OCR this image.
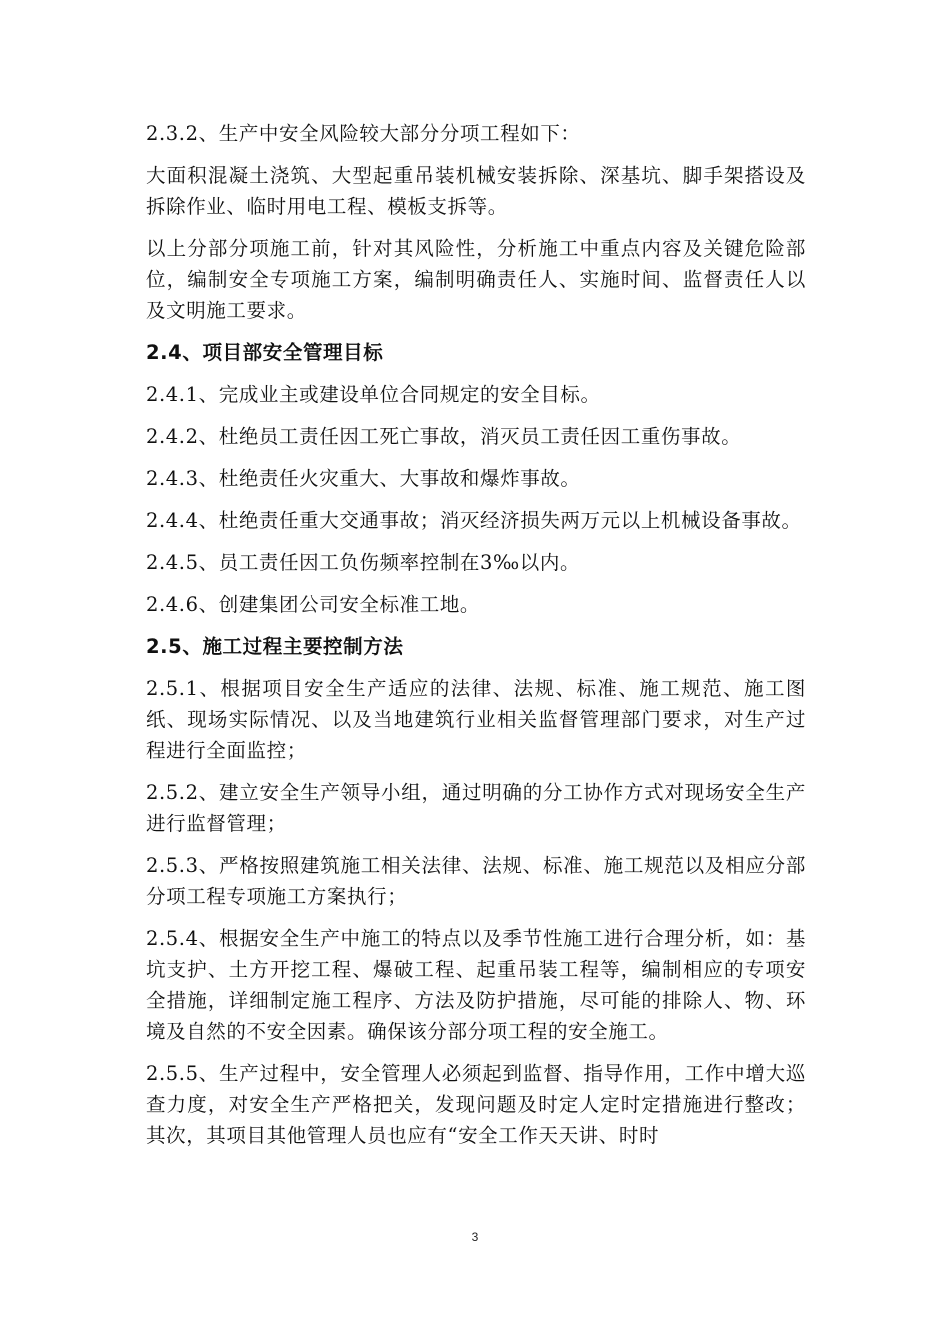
2.3.2、生产中安全风险较大部分分项工程如下：

大面积混凝土浇筑、大型起重吊装机械安装拆除、深基坑、脚手架搭设及拆除作业、临时用电工程、模板支拆等。

以上分部分项施工前，针对其风险性，分析施工中重点内容及关键危险部位，编制安全专项施工方案，编制明确责任人、实施时间、监督责任人以及文明施工要求。

2.4、项目部安全管理目标

2.4.1、完成业主或建设单位合同规定的安全目标。

2.4.2、杜绝员工责任因工死亡事故，消灭员工责任因工重伤事故。

2.4.3、杜绝责任火灾重大、大事故和爆炸事故。

2.4.4、杜绝责任重大交通事故；消灭经济损失两万元以上机械设备事故。

2.4.5、员工责任因工负伤频率控制在3‰以内。

2.4.6、创建集团公司安全标准工地。

2.5、施工过程主要控制方法

2.5.1、根据项目安全生产适应的法律、法规、标准、施工规范、施工图纸、现场实际情况、以及当地建筑行业相关监督管理部门要求，对生产过程进行全面监控；

2.5.2、建立安全生产领导小组，通过明确的分工协作方式对现场安全生产进行监督管理；

2.5.3、严格按照建筑施工相关法律、法规、标准、施工规范以及相应分部分项工程专项施工方案执行；

2.5.4、根据安全生产中施工的特点以及季节性施工进行合理分析，如：基坑支护、土方开挖工程、爆破工程、起重吊装工程等，编制相应的专项安全措施，详细制定施工程序、方法及防护措施，尽可能的排除人、物、环境及自然的不安全因素。确保该分部分项工程的安全施工。

2.5.5、生产过程中，安全管理人必须起到监督、指导作用，工作中增大巡查力度，对安全生产严格把关，发现问题及时定人定时定措施进行整改；其次，其项目其他管理人员也应有“安全工作天天讲、时时

3
